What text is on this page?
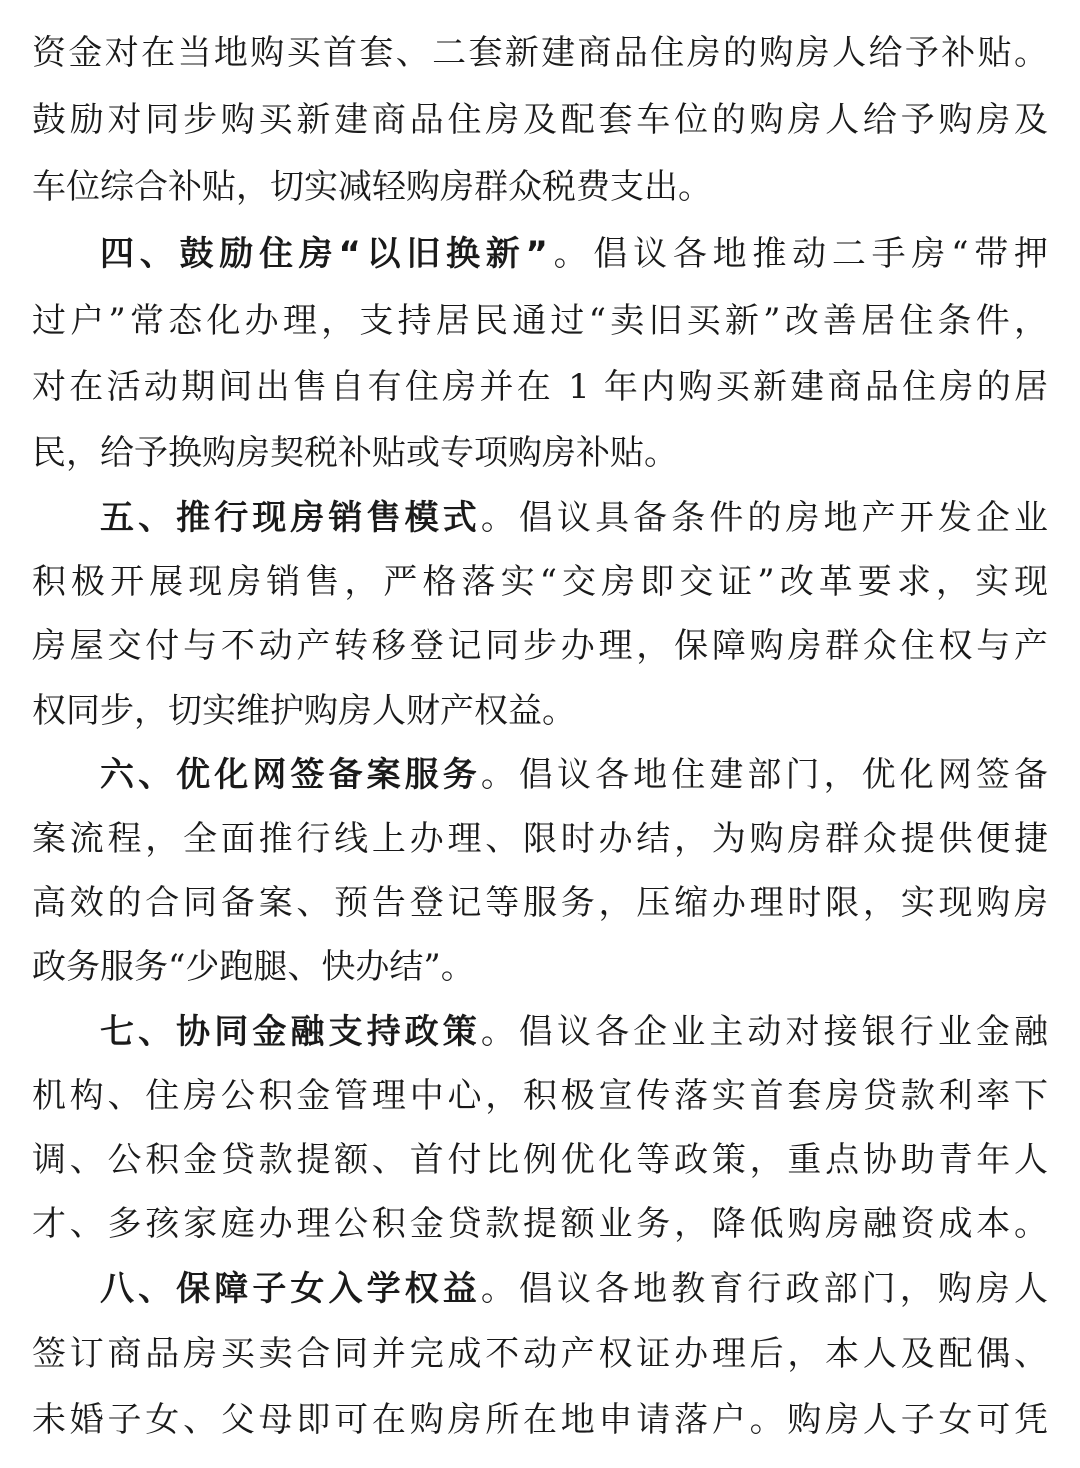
资金对在当地购买首套、二套新建商品住房的购房人给予补贴。
鼓励对同步购买新建商品住房及配套车位的购房人给予购房及
车位综合补贴，切实减轻购房群众税费支出。
四、鼓励住房“以旧换新”。倡议各地推动二手房“带押
过户”常态化办理，支持居民通过“卖旧买新”改善居住条件，
对在活动期间出售自有住房并在 1 年内购买新建商品住房的居
民，给予换购房契税补贴或专项购房补贴。
五、推行现房销售模式。倡议具备条件的房地产开发企业
积极开展现房销售，严格落实“交房即交证”改革要求，实现
房屋交付与不动产转移登记同步办理，保障购房群众住权与产
权同步，切实维护购房人财产权益。
六、优化网签备案服务。倡议各地住建部门，优化网签备
案流程，全面推行线上办理、限时办结，为购房群众提供便捷
高效的合同备案、预告登记等服务，压缩办理时限，实现购房
政务服务“少跑腿、快办结”。
七、协同金融支持政策。倡议各企业主动对接银行业金融
机构、住房公积金管理中心，积极宣传落实首套房贷款利率下
调、公积金贷款提额、首付比例优化等政策，重点协助青年人
才、多孩家庭办理公积金贷款提额业务，降低购房融资成本。
八、保障子女入学权益。倡议各地教育行政部门，购房人
签订商品房买卖合同并完成不动产权证办理后，本人及配偶、
未婚子女、父母即可在购房所在地申请落户。购房人子女可凭
